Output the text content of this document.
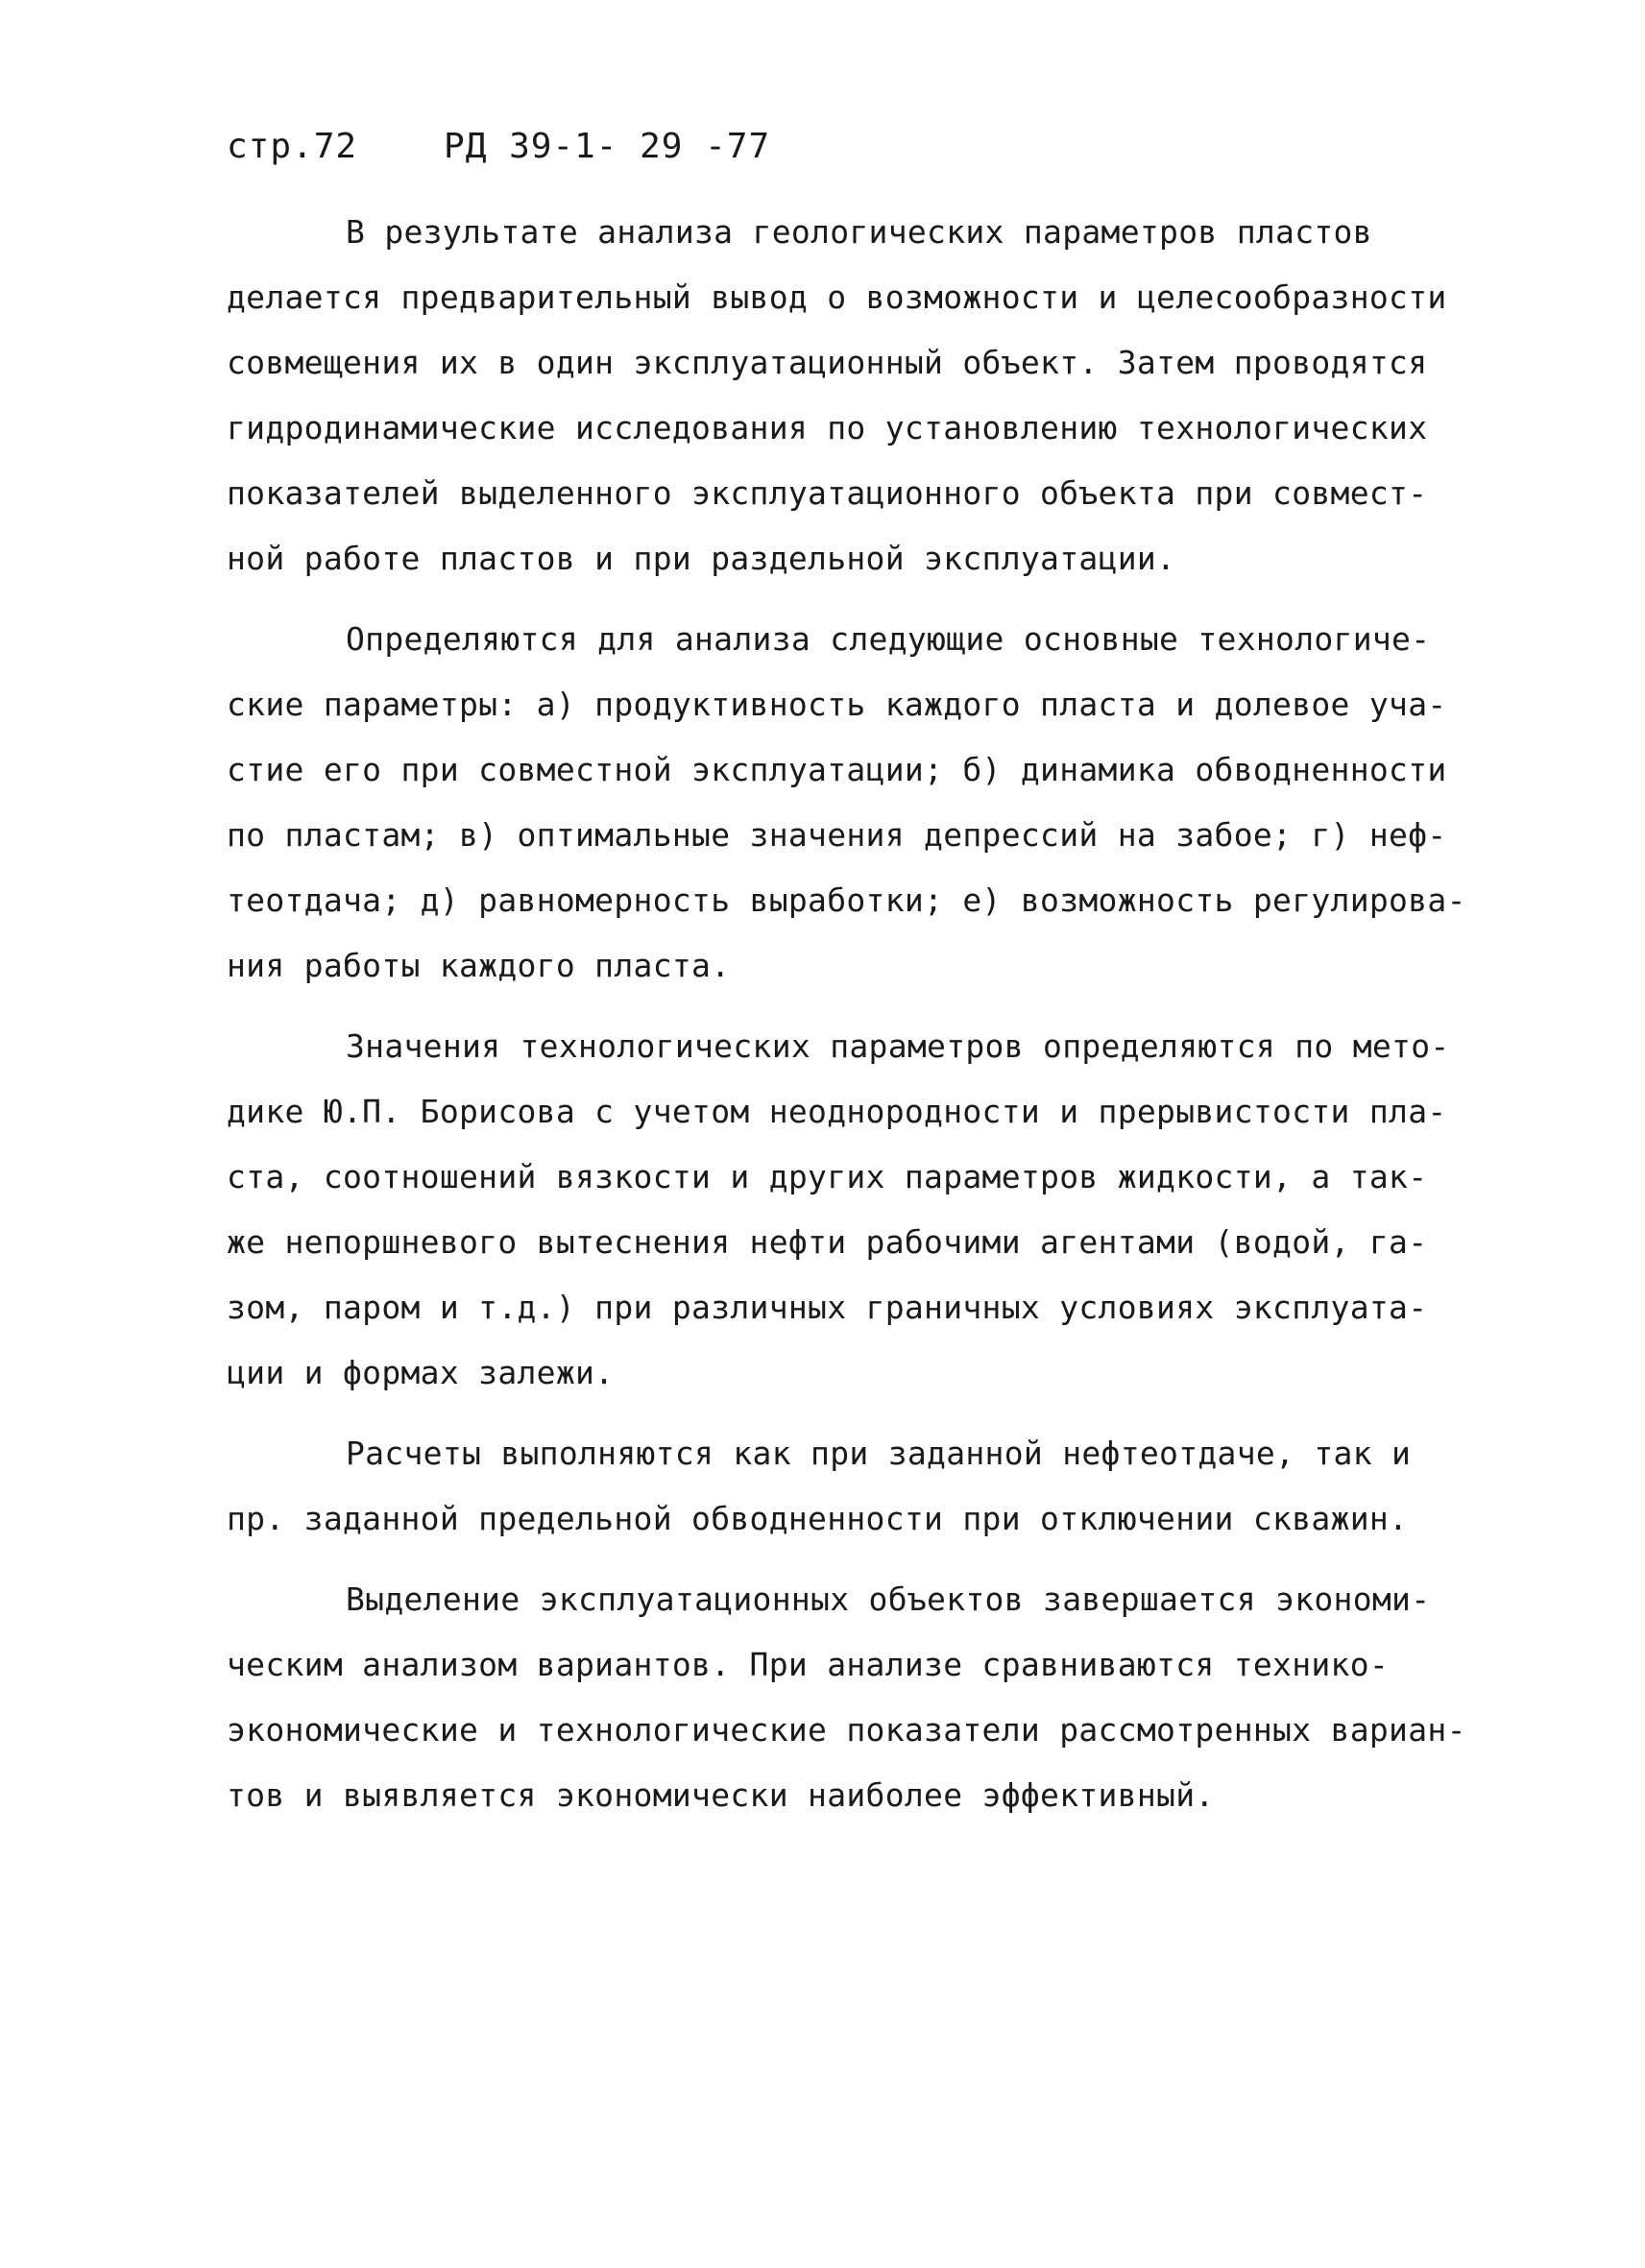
стр.72	РД 39-1- 29 -77
В результате анализа геологических параметров пластов
делается предварительный вывод о возможности и целесообразности
совмещения их в один эксплуатационный объект. Затем проводятся
гидродинамические исследования по установлению технологических
показателей выделенного эксплуатационного объекта при совмест-
ной работе пластов и при раздельной эксплуатации.
Определяются для анализа следующие основные технологиче-
ские параметры: а) продуктивность каждого пласта и долевое уча-
стие его при совместной эксплуатации; б) динамика обводненности
по пластам; в) оптимальные значения депрессий на забое; г) неф-
теотдача; д) равномерность выработки; е) возможность регулирова-
ния работы каждого пласта.
Значения технологических параметров определяются по мето-
дике Ю.П. Борисова с учетом неоднородности и прерывистости пла-
ста, соотношений вязкости и других параметров жидкости, а так-
же непоршневого вытеснения нефти рабочими агентами (водой, га-
зом, паром и т.д.) при различных граничных условиях эксплуата-
ции и формах залежи.
Расчеты выполняются как при заданной нефтеотдаче, так и
пр. заданной предельной обводненности при отключении скважин.
Выделение эксплуатационных объектов завершается экономи-
ческим анализом вариантов. При анализе сравниваются технико-
экономические и технологические показатели рассмотренных вариан-
тов и выявляется экономически наиболее эффективный.
